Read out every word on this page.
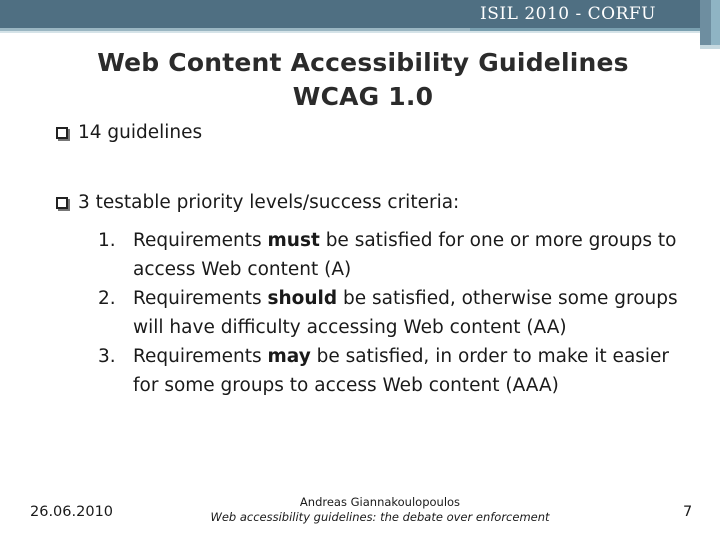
ISIL 2010 - CORFU
Web Content Accessibility Guidelines
WCAG 1.0
14 guidelines
3 testable priority levels/success criteria:
1. Requirements must be satisfied for one or more groups to access Web content (A)
2. Requirements should be satisfied, otherwise some groups will have difficulty accessing Web content (AA)
3. Requirements may be satisfied, in order to make it easier for some groups to access Web content (AAA)
26.06.2010
Andreas Giannakoulopoulos
Web accessibility guidelines: the debate over enforcement	7
